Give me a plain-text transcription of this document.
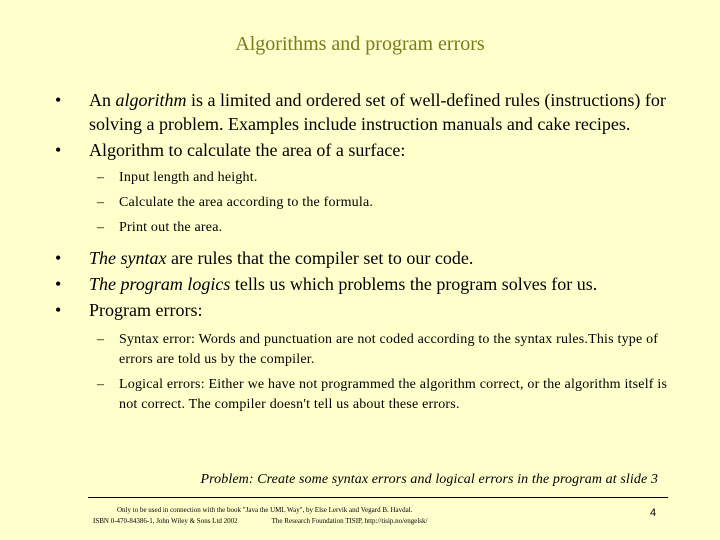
Algorithms and program errors
•	An algorithm is a limited and ordered set of well-defined rules (instructions) for solving a problem. Examples include instruction manuals and cake recipes.
•	Algorithm to calculate the area of a surface:
–	Input length and height.
–	Calculate the area according to the formula.
–	Print out the area.
•	The syntax are rules that the compiler set to our code.
•	The program logics tells us which problems the program solves for us.
•	Program errors:
–	Syntax error: Words and punctuation are not coded according to the syntax rules.This type of errors are told us by the compiler.
–	Logical errors: Either we have not programmed the algorithm correct, or the algorithm itself is not correct. The compiler doesn't tell us about these errors.
Problem: Create some syntax errors and logical errors in the program at slide 3
Only to be used in connection with the book "Java the UML Way", by Else Lervik and Vegard B. Havdal.
ISBN 0-470-84386-1, John Wiley & Sons Ltd 2002	The Research Foundation TISIP, http://tisip.no/engelsk/
4
